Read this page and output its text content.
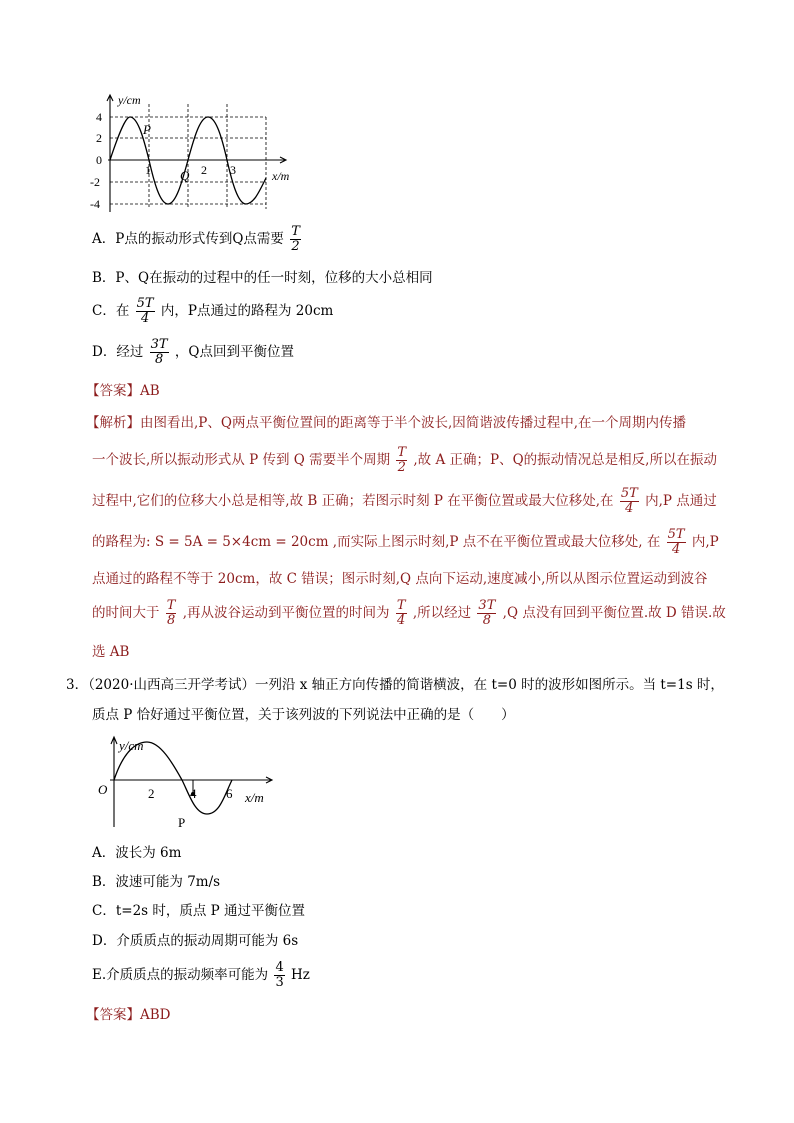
y/cm
4
2
0
-2
-4
1	2 3	x/m
P
Q
A．P点的振动形式传到Q点需要 $\frac{T}{2}$
B．P、Q在振动的过程中的任一时刻，位移的大小总相同
C．在 $\frac{5T}{4}$ 内，P点通过的路程为 20cm
D．经过 $\frac{3T}{8}$ ，Q点回到平衡位置
【答案】AB
【解析】由图看出,P、Q两点平衡位置间的距离等于半个波长,因简谐波传播过程中,在一个周期内传播
一个波长,所以振动形式从 P 传到 Q 需要半个周期 $\frac{T}{2}$ ,故 A 正确；P、Q的振动情况总是相反,所以在振动
过程中,它们的位移大小总是相等,故 B 正确；若图示时刻 P 在平衡位置或最大位移处,在 $\frac{5T}{4}$ 内,P 点通过
的路程为: S = 5A = 5×4cm = 20cm ,而实际上图示时刻,P 点不在平衡位置或最大位移处, 在 $\frac{5T}{4}$ 内,P
点通过的路程不等于 20cm，故 C 错误；图示时刻,Q 点向下运动,速度减小,所以从图示位置运动到波谷
的时间大于 $\frac{T}{8}$ ,再从波谷运动到平衡位置的时间为 $\frac{T}{4}$ ,所以经过 $\frac{3T}{8} ,Q$ 点没有回到平衡位置.故 D 错误.故
选 AB
3．（2020·山西高三开学考试）一列沿 x 轴正方向传播的简谐横波，在 t=0 时的波形如图所示。当 t=1s 时，
质点 P 恰好通过平衡位置，关于该列波的下列说法中正确的是（　　）
y/cm
O	2	4 6 x/m
P
A．波长为 6m
B．波速可能为 7m/s
C．t=2s 时，质点 P 通过平衡位置
D．介质质点的振动周期可能为 6s
E.介质质点的振动频率可能为 $\frac{4}{3}$ Hz
【答案】ABD
